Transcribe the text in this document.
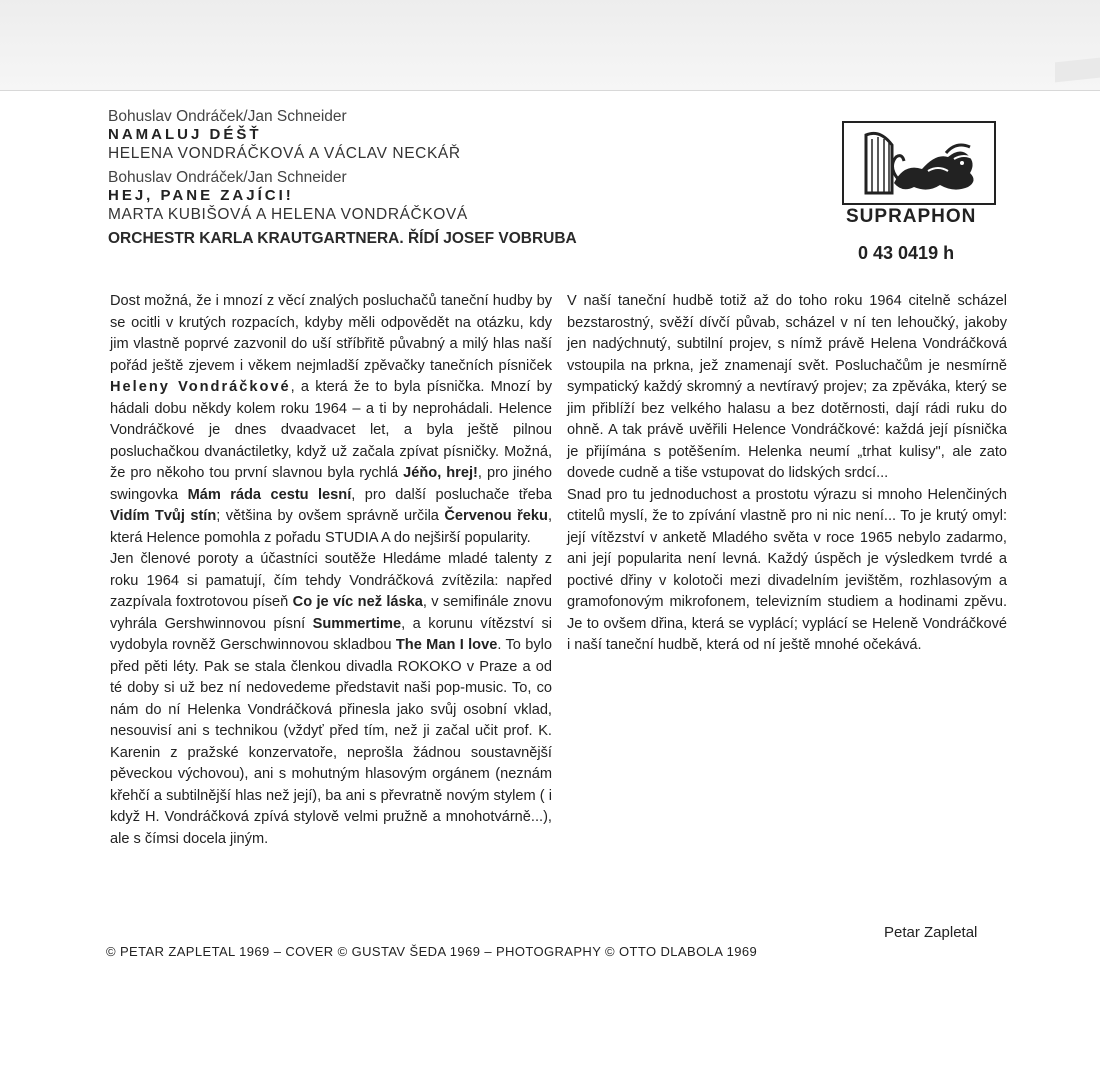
Bohuslav Ondráček/Jan Schneider

NAMALUJ DÉŠŤ

HELENA VONDRÁČKOVÁ A VÁCLAV NECKÁŘ

Bohuslav Ondráček/Jan Schneider

HEJ, PANE ZAJÍCI!

MARTA KUBIŠOVÁ A HELENA VONDRÁČKOVÁ

ORCHESTR KARLA KRAUTGARTNERA. ŘÍDÍ JOSEF VOBRUBA
SUPRAPHON
0 43 0419 h

Dost možná, že i mnozí z věcí znalých posluchačů taneční hudby by se ocitli v krutých rozpacích, kdyby měli odpovědět na otázku, kdy jim vlastně poprvé zazvonil do uší stříbřitě půvabný a milý hlas naší pořád ještě zjevem i věkem nejmladší zpěvačky tanečních písniček Heleny Vondráčkové, a která že to byla písnička. Mnozí by hádali dobu někdy kolem roku 1964 – a ti by neprohádali. Helence Vondráčkové je dnes dvaadvacet let, a byla ještě pilnou posluchačkou dvanáctiletky, když už začala zpívat písničky. Možná, že pro někoho tou první slavnou byla rychlá Jéňo, hrej!, pro jiného swingovka Mám ráda cestu lesní, pro další posluchače třeba Vidím Tvůj stín; většina by ovšem správně určila Červenou řeku, která Helence pomohla z pořadu STUDIA A do nejširší popularity.

Jen členové poroty a účastníci soutěže Hledáme mladé talenty z roku 1964 si pamatují, čím tehdy Vondráčková zvítězila: napřed zazpívala foxtrotovou píseň Co je víc než láska, v semifinále znovu vyhrála Gershwinnovou písní Summertime, a korunu vítězství si vydobyla rovněž Gerschwinnovou skladbou The Man I love. To bylo před pěti léty. Pak se stala členkou divadla ROKOKO v Praze a od té doby si už bez ní nedovedeme představit naši pop-music. To, co nám do ní Helenka Vondráčková přinesla jako svůj osobní vklad, nesouvisí ani s technikou (vždyť před tím, než ji začal učit prof. K. Karenin z pražské konzervatoře, neprošla žádnou soustavnější pěveckou výchovou), ani s mohutným hlasovým orgánem (neznám křehčí a subtilnější hlas než její), ba ani s převratně novým stylem ( i když H. Vondráčková zpívá stylově velmi pružně a mnohotvárně...), ale s čímsi docela jiným.

V naší taneční hudbě totiž až do toho roku 1964 citelně scházel bezstarostný, svěží dívčí půvab, scházel v ní ten lehoučký, jakoby jen nadýchnutý, subtilní projev, s nímž právě Helena Vondráčková vstoupila na prkna, jež znamenají svět. Posluchačům je nesmírně sympatický každý skromný a nevtíravý projev; za zpěváka, který se jim přiblíží bez velkého halasu a bez dotěrnosti, dají rádi ruku do ohně. A tak právě uvěřili Helence Vondráčkové: každá její písnička je přijímána s potěšením. Helenka neumí „trhat kulisy", ale zato dovede cudně a tiše vstupovat do lidských srdcí...

Snad pro tu jednoduchost a prostotu výrazu si mnoho Helenčiných ctitelů myslí, že to zpívání vlastně pro ni nic není... To je krutý omyl: její vítězství v anketě Mladého světa v roce 1965 nebylo zadarmo, ani její popularita není levná. Každý úspěch je výsledkem tvrdé a poctivé dřiny v kolotoči mezi divadelním jevištěm, rozhlasovým a gramofonovým mikrofonem, televizním studiem a hodinami zpěvu. Je to ovšem dřina, která se vyplácí; vyplácí se Heleně Vondráčkové i naší taneční hudbě, která od ní ještě mnohé očekává.

Petar Zapletal
© PETAR ZAPLETAL 1969 – COVER © GUSTAV ŠEDA 1969 – PHOTOGRAPHY © OTTO DLABOLA 1969
